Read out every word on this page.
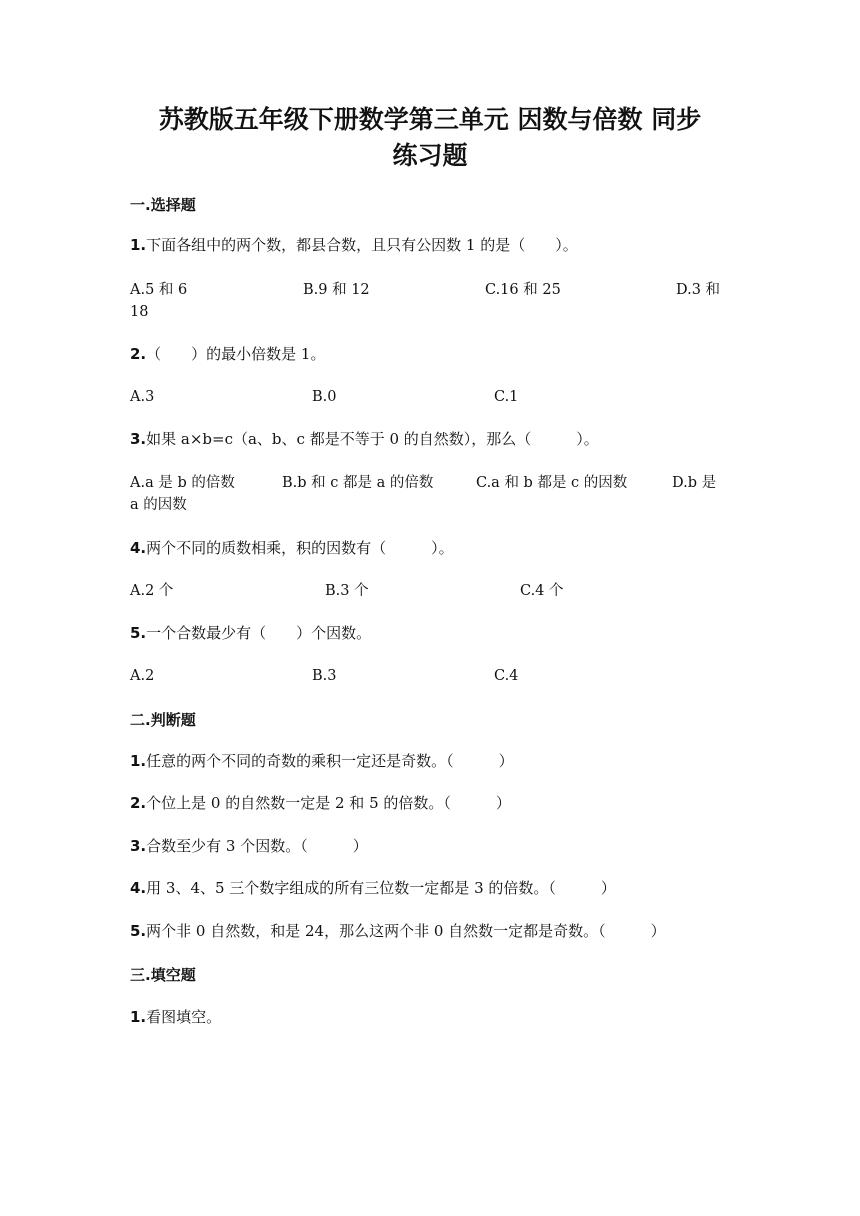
苏教版五年级下册数学第三单元 因数与倍数 同步
练习题
一.选择题
1.下面各组中的两个数，都县合数，且只有公因数 1 的是（　　）。
A.5 和 6	B.9 和 12	C.16 和 25	D.3 和
18
2.（　　）的最小倍数是 1。
A.3	B.0	C.1
3.如果 a×b=c（a、b、c 都是不等于 0 的自然数），那么（　　　）。
A.a 是 b 的倍数	B.b 和 c 都是 a 的倍数	C.a 和 b 都是 c 的因数	D.b 是
a 的因数
4.两个不同的质数相乘，积的因数有（　　　）。
A.2 个	B.3 个	C.4 个
5.一个合数最少有（　　）个因数。
A.2	B.3	C.4
二.判断题
1.任意的两个不同的奇数的乘积一定还是奇数。（　　　）
2.个位上是 0 的自然数一定是 2 和 5 的倍数。（　　　）
3.合数至少有 3 个因数。（　　　）
4.用 3、4、5 三个数字组成的所有三位数一定都是 3 的倍数。（　　　）
5.两个非 0 自然数，和是 24，那么这两个非 0 自然数一定都是奇数。（　　　）
三.填空题
1.看图填空。
